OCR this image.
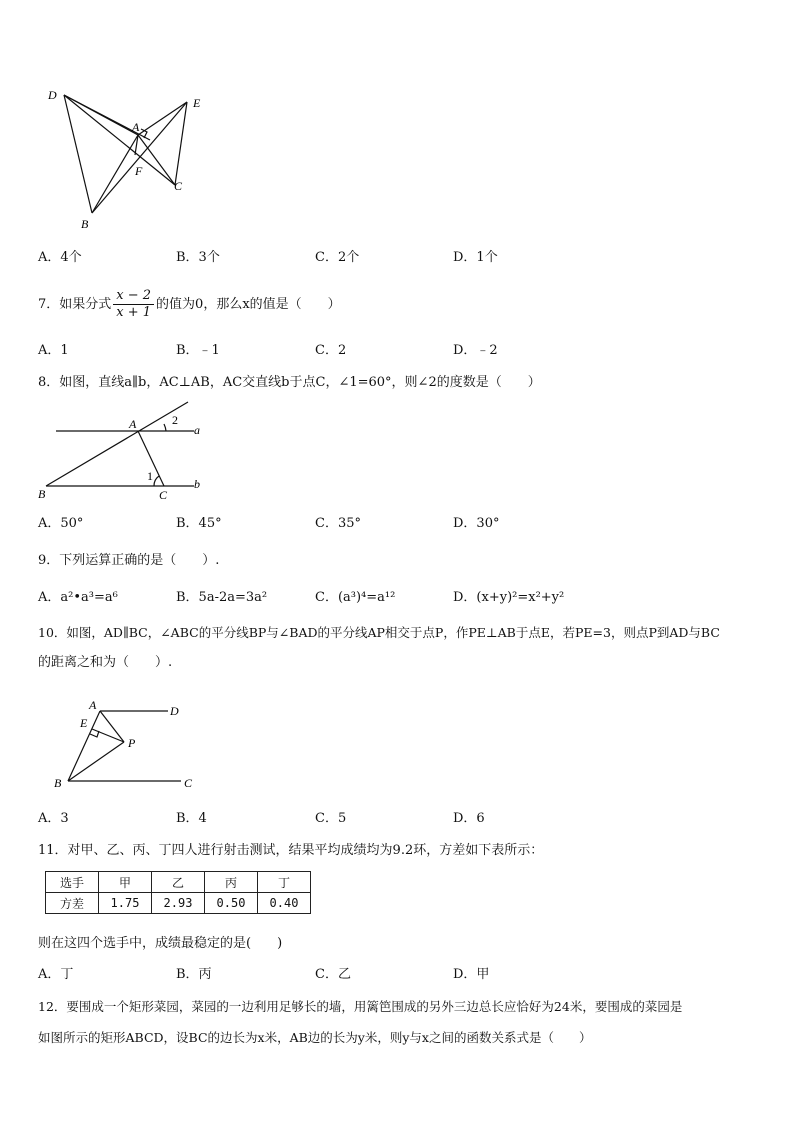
D
E
A
F
C
B
A．4个	B．3个	C．2个	D．1个
7．如果分式 $\frac{x - 2}{x + 1}$ 的值为0，那么x的值是（　　）
A．1	B．﹣1	C．2	D．﹣2
8．如图，直线a∥b，AC⊥AB，AC交直线b于点C，∠1=60°，则∠2的度数是（　　）
A	2
a
1
b
B	C
A．50°	B．45°	C．35°	D．30°
9．下列运算正确的是（　　）.
A．a²•a³=a⁶	B．5a-2a=3a²	C．(a³)⁴=a¹²	D．(x+y)²=x²+y²
10．如图，AD∥BC，∠ABC的平分线BP与∠BAD的平分线AP相交于点P，作PE⊥AB于点E，若PE=3，则点P到AD与BC
的距离之和为（　　）.
A	D
E
P
B	C
A．3	B．4	C．5	D．6
11．对甲、乙、丙、丁四人进行射击测试，结果平均成绩均为9.2环，方差如下表所示：
选手	甲	乙	丙	丁
方差	1.75	2.93	0.50	0.40
则在这四个选手中，成绩最稳定的是(　　)
A．丁	B．丙	C．乙	D．甲
12．要围成一个矩形菜园，菜园的一边利用足够长的墙，用篱笆围成的另外三边总长应恰好为24米，要围成的菜园是
如图所示的矩形ABCD，设BC的边长为x米，AB边的长为y米，则y与x之间的函数关系式是（　　）
